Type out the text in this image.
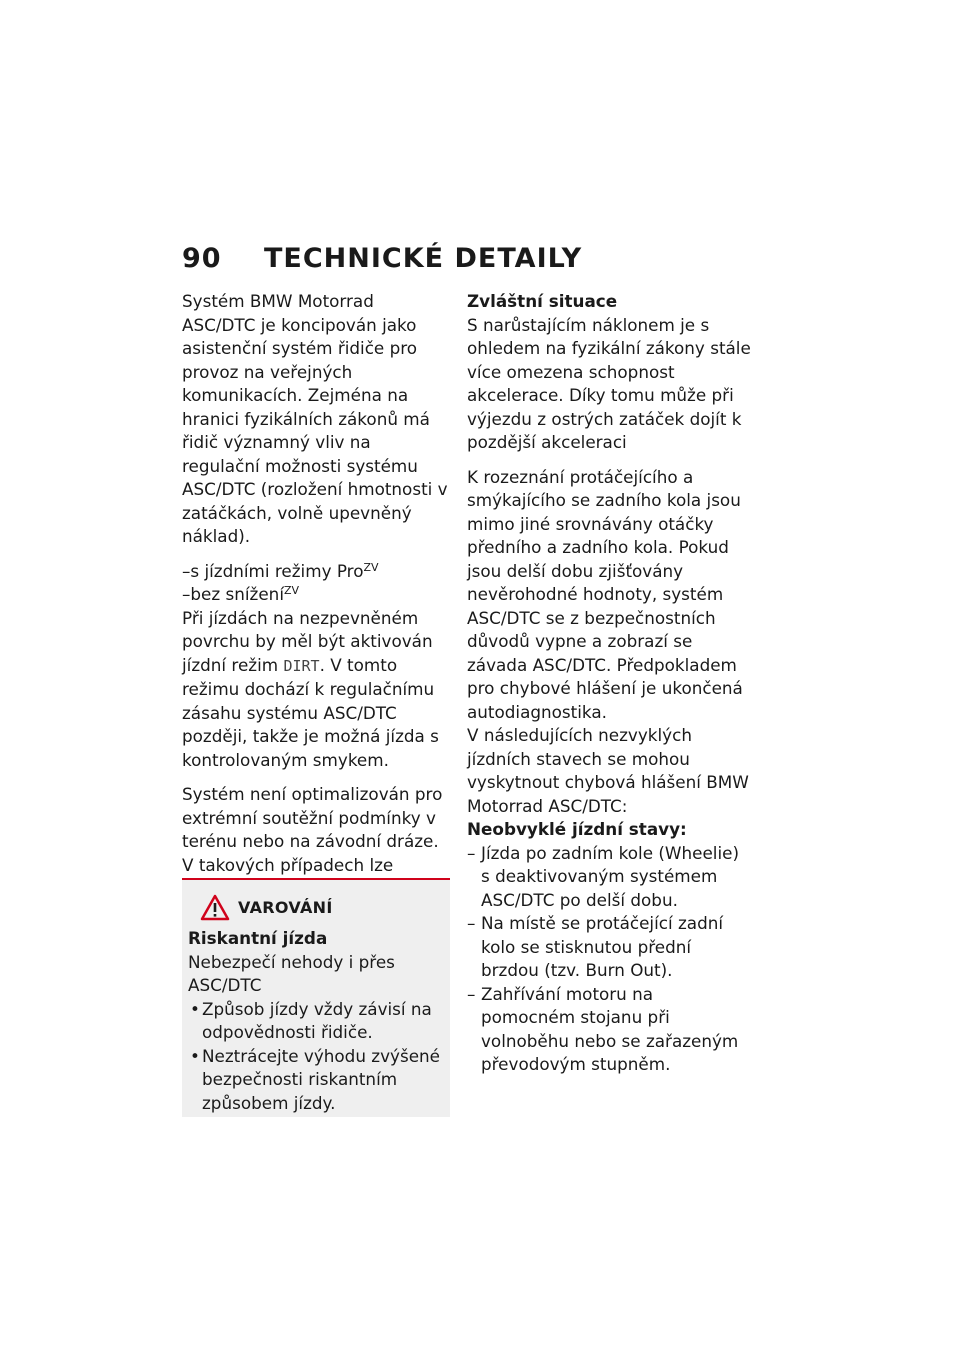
90 TECHNICKÉ DETAILY

Systém BMW Motorrad ASC/DTC je koncipován jako asistenční systém řidiče pro provoz na veřejných komunikacích. Zejména na hranici fyzikálních zákonů má řidič významný vliv na regulační možnosti systému ASC/DTC (rozložení hmotnosti v zatáčkách, volně upevněný náklad).

–s jízdními režimy Pro$^{ZV}$
–bez snížení$^{ZV}$

Při jízdách na nezpevněném povrchu by měl být aktivován jízdní režim DIRT. V tomto režimu dochází k regulačnímu zásahu systému ASC/DTC později, takže je možná jízda s kontrolovaným smykem.

Systém není optimalizován pro extrémní soutěžní podmínky v terénu nebo na závodní dráze. V takových případech lze

VAROVÁNÍ
Riskantní jízda
Nebezpečí nehody i přes ASC/DTC
• Způsob jízdy vždy závisí na odpovědnosti řidiče.
• Neztrácejte výhodu zvýšené bezpečnosti riskantním způsobem jízdy.
Zvláštní situace

S narůstajícím náklonem je s ohledem na fyzikální zákony stále více omezena schopnost akcelerace. Díky tomu může při výjezdu z ostrých zatáček dojít k pozdější akceleraci

K rozeznání protáčejícího a smýkajícího se zadního kola jsou mimo jiné srovnávány otáčky předního a zadního kola. Pokud jsou delší dobu zjišťovány nevěrohodné hodnoty, systém ASC/DTC se z bezpečnostních důvodů vypne a zobrazí se závada ASC/DTC. Předpokladem pro chybové hlášení je ukončená autodiagnostika.

V následujících nezvyklých jízdních stavech se mohou vyskytnout chybová hlášení BMW Motorrad ASC/DTC:

Neobvyklé jízdní stavy:
– Jízda po zadním kole (Wheelie) s deaktivovaným systémem ASC/DTC po delší dobu.
– Na místě se protáčející zadní kolo se stisknutou přední brzdou (tzv. Burn Out).
– Zahřívání motoru na pomocném stojanu při volnoběhu nebo se zařazeným převodovým stupněm.
